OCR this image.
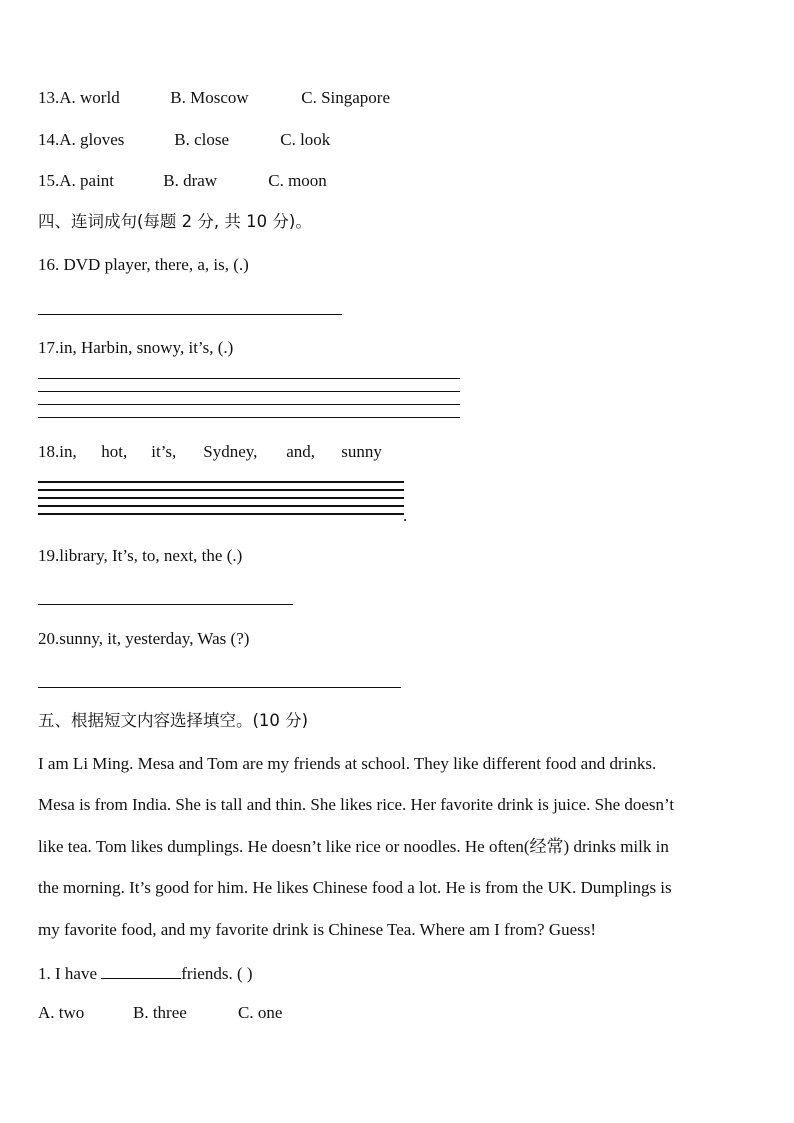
13.A. world	B. Moscow	C. Singapore
14.A. gloves	B. close	C. look
15.A. paint	B. draw	C. moon
四、连词成句(每题 2 分, 共 10 分)。
16. DVD player, there, a, is, (.)
17.in, Harbin, snowy, it’s, (.)
18.in, hot, it’s, Sydney, and, sunny
.
19.library, It’s, to, next, the (.)
20.sunny, it, yesterday, Was (?)
五、根据短文内容选择填空。(10 分)
I am Li Ming. Mesa and Tom are my friends at school. They like different food and drinks.
Mesa is from India. She is tall and thin. She likes rice. Her favorite drink is juice. She doesn’t
like tea. Tom likes dumplings. He doesn’t like rice or noodles. He often(经常) drinks milk in
the morning. It’s good for him. He likes Chinese food a lot. He is from the UK. Dumplings is
my favorite food, and my favorite drink is Chinese Tea. Where am I from? Guess!
1. I have	friends. ( )
A. two	B. three	C. one
